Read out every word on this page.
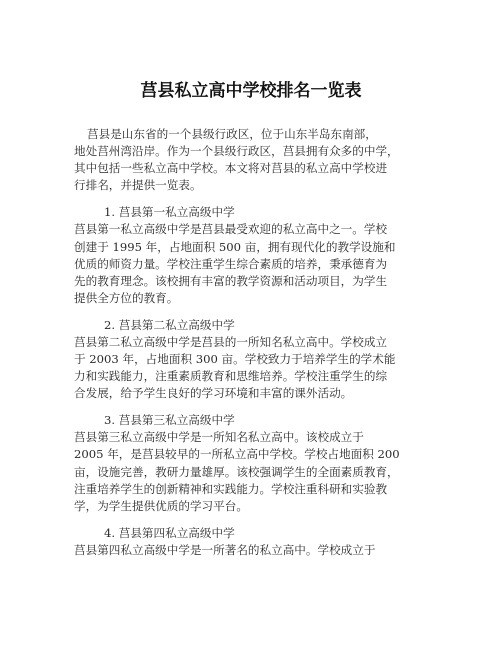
莒县私立高中学校排名一览表
莒县是山东省的一个县级行政区，位于山东半岛东南部，
地处莒州湾沿岸。作为一个县级行政区，莒县拥有众多的中学，
其中包括一些私立高中学校。本文将对莒县的私立高中学校进
行排名，并提供一览表。
1. 莒县第一私立高级中学
莒县第一私立高级中学是莒县最受欢迎的私立高中之一。学校
创建于 1995 年，占地面积 500 亩，拥有现代化的教学设施和
优质的师资力量。学校注重学生综合素质的培养，秉承德育为
先的教育理念。该校拥有丰富的教学资源和活动项目，为学生
提供全方位的教育。
2. 莒县第二私立高级中学
莒县第二私立高级中学是莒县的一所知名私立高中。学校成立
于 2003 年，占地面积 300 亩。学校致力于培养学生的学术能
力和实践能力，注重素质教育和思维培养。学校注重学生的综
合发展，给予学生良好的学习环境和丰富的课外活动。
3. 莒县第三私立高级中学
莒县第三私立高级中学是一所知名私立高中。该校成立于
2005 年，是莒县较早的一所私立高中学校。学校占地面积 200
亩，设施完善，教研力量雄厚。该校强调学生的全面素质教育，
注重培养学生的创新精神和实践能力。学校注重科研和实验教
学，为学生提供优质的学习平台。
4. 莒县第四私立高级中学
莒县第四私立高级中学是一所著名的私立高中。学校成立于
